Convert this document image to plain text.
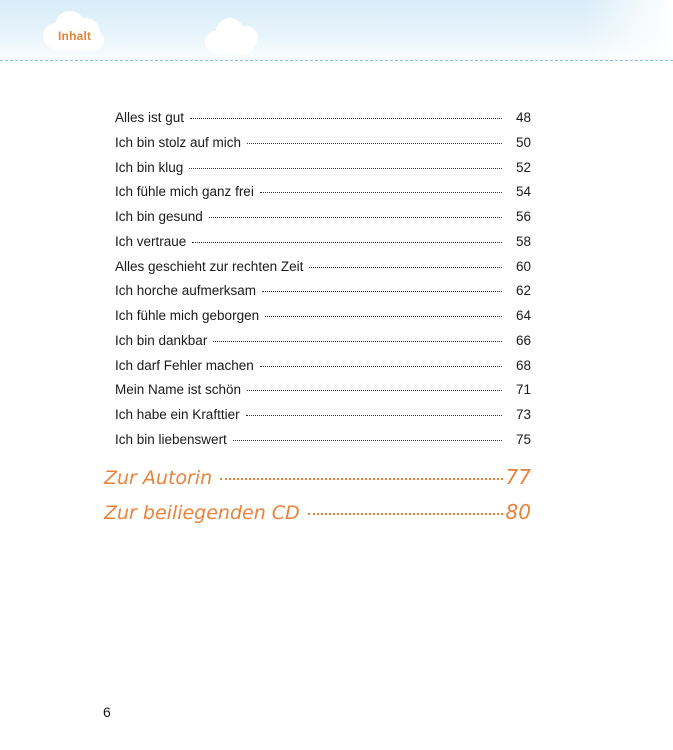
Inhalt
Alles ist gut	48
Ich bin stolz auf mich	50
Ich bin klug	52
Ich fühle mich ganz frei	54
Ich bin gesund	56
Ich vertraue	58
Alles geschieht zur rechten Zeit	60
Ich horche aufmerksam	62
Ich fühle mich geborgen	64
Ich bin dankbar	66
Ich darf Fehler machen	68
Mein Name ist schön	71
Ich habe ein Krafttier	73
Ich bin liebenswert	75
Zur Autorin	77
Zur beiliegenden CD	80
6
